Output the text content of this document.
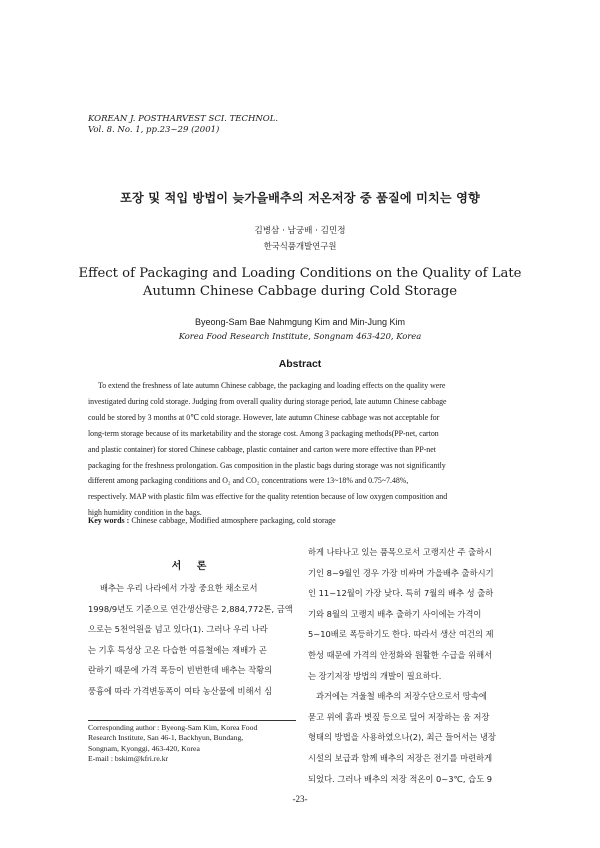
KOREAN J. POSTHARVEST SCI. TECHNOL.
Vol. 8. No. 1, pp.23~29 (2001)
포장 및 적입 방법이 늦가을배추의 저온저장 중 품질에 미치는 영향
김병삼 · 남궁배 · 김민정
한국식품개발연구원
Effect of Packaging and Loading Conditions on the Quality of Late
Autumn Chinese Cabbage during Cold Storage
Byeong-Sam Bae Nahmgung Kim and Min-Jung Kim
Korea Food Research Institute, Songnam 463-420, Korea
Abstract
To extend the freshness of late autumn Chinese cabbage, the packaging and loading effects on the quality were
investigated during cold storage. Judging from overall quality during storage period, late autumn Chinese cabbage
could be stored by 3 months at 0℃ cold storage. However, late autumn Chinese cabbage was not acceptable for
long-term storage because of its marketability and the storage cost. Among 3 packaging methods(PP-net, carton
and plastic container) for stored Chinese cabbage, plastic container and carton were more effective than PP-net
packaging for the freshness prolongation. Gas composition in the plastic bags during storage was not significantly
different among packaging conditions and O₂ and CO₂ concentrations were 13~18% and 0.75~7.48%,
respectively. MAP with plastic film was effective for the quality retention because of low oxygen composition and
high humidity condition in the bags.
Key words : Chinese cabbage, Modified atmosphere packaging, cold storage
서 론
배추는 우리 나라에서 가장 중요한 채소로서
1998/9년도 기준으로 연간생산량은 2,884,772톤, 금액
으로는 5천억원을 넘고 있다(1). 그러나 우리 나라
는 기후 특성상 고온 다습한 여름철에는 재배가 곤
란하기 때문에 가격 폭등이 빈번한데 배추는 작황의
풍흉에 따라 가격변동폭이 여타 농산물에 비해서 심
하게 나타나고 있는 품목으로서 고랭지산 주 출하시
기인 8~9월인 경우 가장 비싸며 가을배추 출하시기
인 11~12월이 가장 낮다. 특히 7월의 배추 성 출하
기와 8월의 고랭지 배추 출하기 사이에는 가격이
5~10배로 폭등하기도 한다. 따라서 생산 여건의 제
한성 때문에 가격의 안정화와 원활한 수급을 위해서
는 장기저장 방법의 개발이 필요하다.
과거에는 겨울철 배추의 저장수단으로서 땅속에
묻고 위에 흙과 볏짚 등으로 덮어 저장하는 움 저장
형태의 방법을 사용하였으나(2), 최근 들어서는 냉장
시설의 보급과 함께 배추의 저장은 전기를 마련하게
되었다. 그러나 배추의 저장 적온이 0~3℃, 습도 9
Corresponding author : Byeong-Sam Kim, Korea Food
Research Institute, San 46-1, Backhyun, Bundang,
Songnam, Kyonggi, 463-420, Korea
E-mail : bskim@kfri.re.kr
-23-
